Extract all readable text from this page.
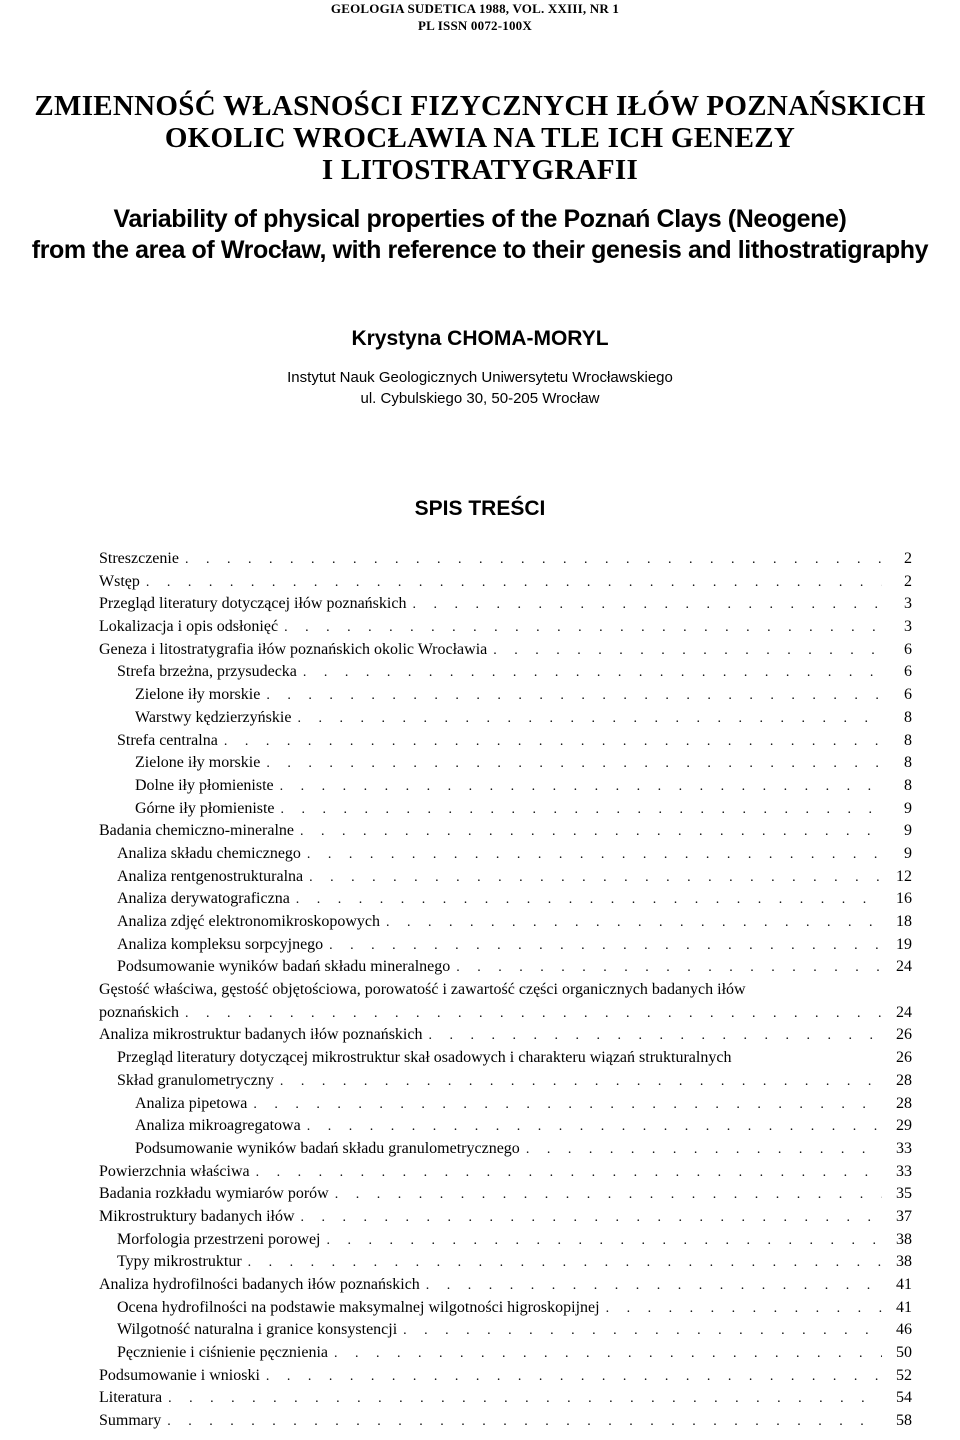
GEOLOGIA SUDETICA 1988, VOL. XXIII, NR 1
PL ISSN 0072-100X
ZMIENNOŚĆ WŁASNOŚCI FIZYCZNYCH IŁÓW POZNAŃSKICH
OKOLIC WROCŁAWIA NA TLE ICH GENEZY
I LITOSTRATYGRAFII
Variability of physical properties of the Poznań Clays (Neogene)
from the area of Wrocław, with reference to their genesis and lithostratigraphy
Krystyna CHOMA-MORYL
Instytut Nauk Geologicznych Uniwersytetu Wrocławskiego
ul. Cybulskiego 30, 50-205 Wrocław
SPIS TREŚCI
Streszczenie . . .	2
Wstęp . . .	2
Przegląd literatury dotyczącej iłów poznańskich . . .	3
Lokalizacja i opis odsłonięć . . .	3
Geneza i litostratygrafia iłów poznańskich okolic Wrocławia . . .	6
Strefa brzeżna, przysudecka . . .	6
Zielone iły morskie . . .	6
Warstwy kędzierzyńskie . . .	8
Strefa centralna . . .	8
Zielone iły morskie . . .	8
Dolne iły płomieniste . . .	8
Górne iły płomieniste . . .	9
Badania chemiczno-mineralne . . .	9
Analiza składu chemicznego . . .	9
Analiza rentgenostrukturalna . . .	12
Analiza derywatograficzna . . .	16
Analiza zdjęć elektronomikroskopowych . . .	18
Analiza kompleksu sorpcyjnego . . .	19
Podsumowanie wyników badań składu mineralnego . . .	24
Gęstość właściwa, gęstość objętościowa, porowatość i zawartość części organicznych badanych iłów
poznańskich . . .	24
Analiza mikrostruktur badanych iłów poznańskich . . .	26
Przegląd literatury dotyczącej mikrostruktur skał osadowych i charakteru wiązań strukturalnych	26
Skład granulometryczny . . .	28
Analiza pipetowa . . .	28
Analiza mikroagregatowa . . .	29
Podsumowanie wyników badań składu granulometrycznego . . .	33
Powierzchnia właściwa . . .	33
Badania rozkładu wymiarów porów . . .	35
Mikrostruktury badanych iłów . . .	37
Morfologia przestrzeni porowej . . .	38
Typy mikrostruktur . . .	38
Analiza hydrofilności badanych iłów poznańskich . . .	41
Ocena hydrofilności na podstawie maksymalnej wilgotności higroskopijnej . . .	41
Wilgotność naturalna i granice konsystencji . . .	46
Pęcznienie i ciśnienie pęcznienia . . .	50
Podsumowanie i wnioski . . .	52
Literatura . . .	54
Summary . . .	58
